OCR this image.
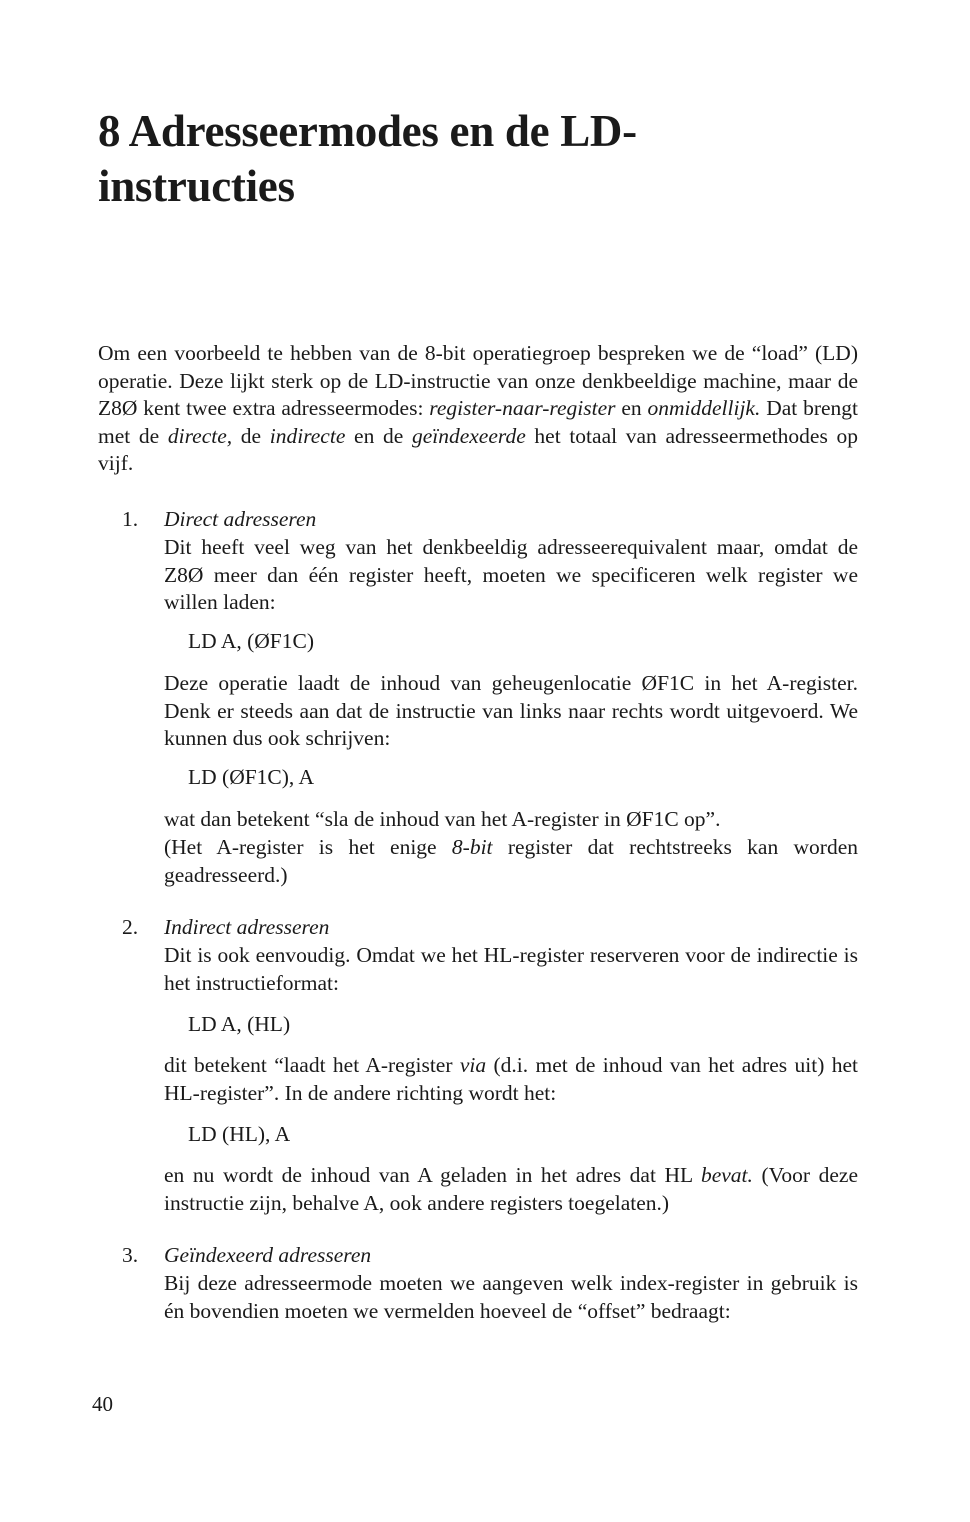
8 Adresseermodes en de LD-
instructies

Om een voorbeeld te hebben van de 8-bit operatiegroep bespreken we de “load” (LD) operatie. Deze lijkt sterk op de LD-instructie van onze denkbeeldige machine, maar de Z8Ø kent twee extra adresseermodes: register-naar-register en onmiddellijk. Dat brengt met de directe, de indirecte en de geïndexeerde het totaal van adresseermethodes op vijf.

1. Direct adresseren

Dit heeft veel weg van het denkbeeldig adresseerequivalent maar, omdat de Z8Ø meer dan één register heeft, moeten we specificeren welk register we willen laden:

LD A, (ØF1C)

Deze operatie laadt de inhoud van geheugenlocatie ØF1C in het A-register. Denk er steeds aan dat de instructie van links naar rechts wordt uitgevoerd. We kunnen dus ook schrijven:

LD (ØF1C), A

wat dan betekent “sla de inhoud van het A-register in ØF1C op”.

(Het A-register is het enige 8-bit register dat rechtstreeks kan worden geadresseerd.)

2. Indirect adresseren

Dit is ook eenvoudig. Omdat we het HL-register reserveren voor de indirectie is het instructieformat:

LD A, (HL)

dit betekent “laadt het A-register via (d.i. met de inhoud van het adres uit) het HL-register”. In de andere richting wordt het:

LD (HL), A

en nu wordt de inhoud van A geladen in het adres dat HL bevat. (Voor deze instructie zijn, behalve A, ook andere registers toegelaten.)

3. Geïndexeerd adresseren

Bij deze adresseermode moeten we aangeven welk index-register in gebruik is én bovendien moeten we vermelden hoeveel de “offset” bedraagt:

40
